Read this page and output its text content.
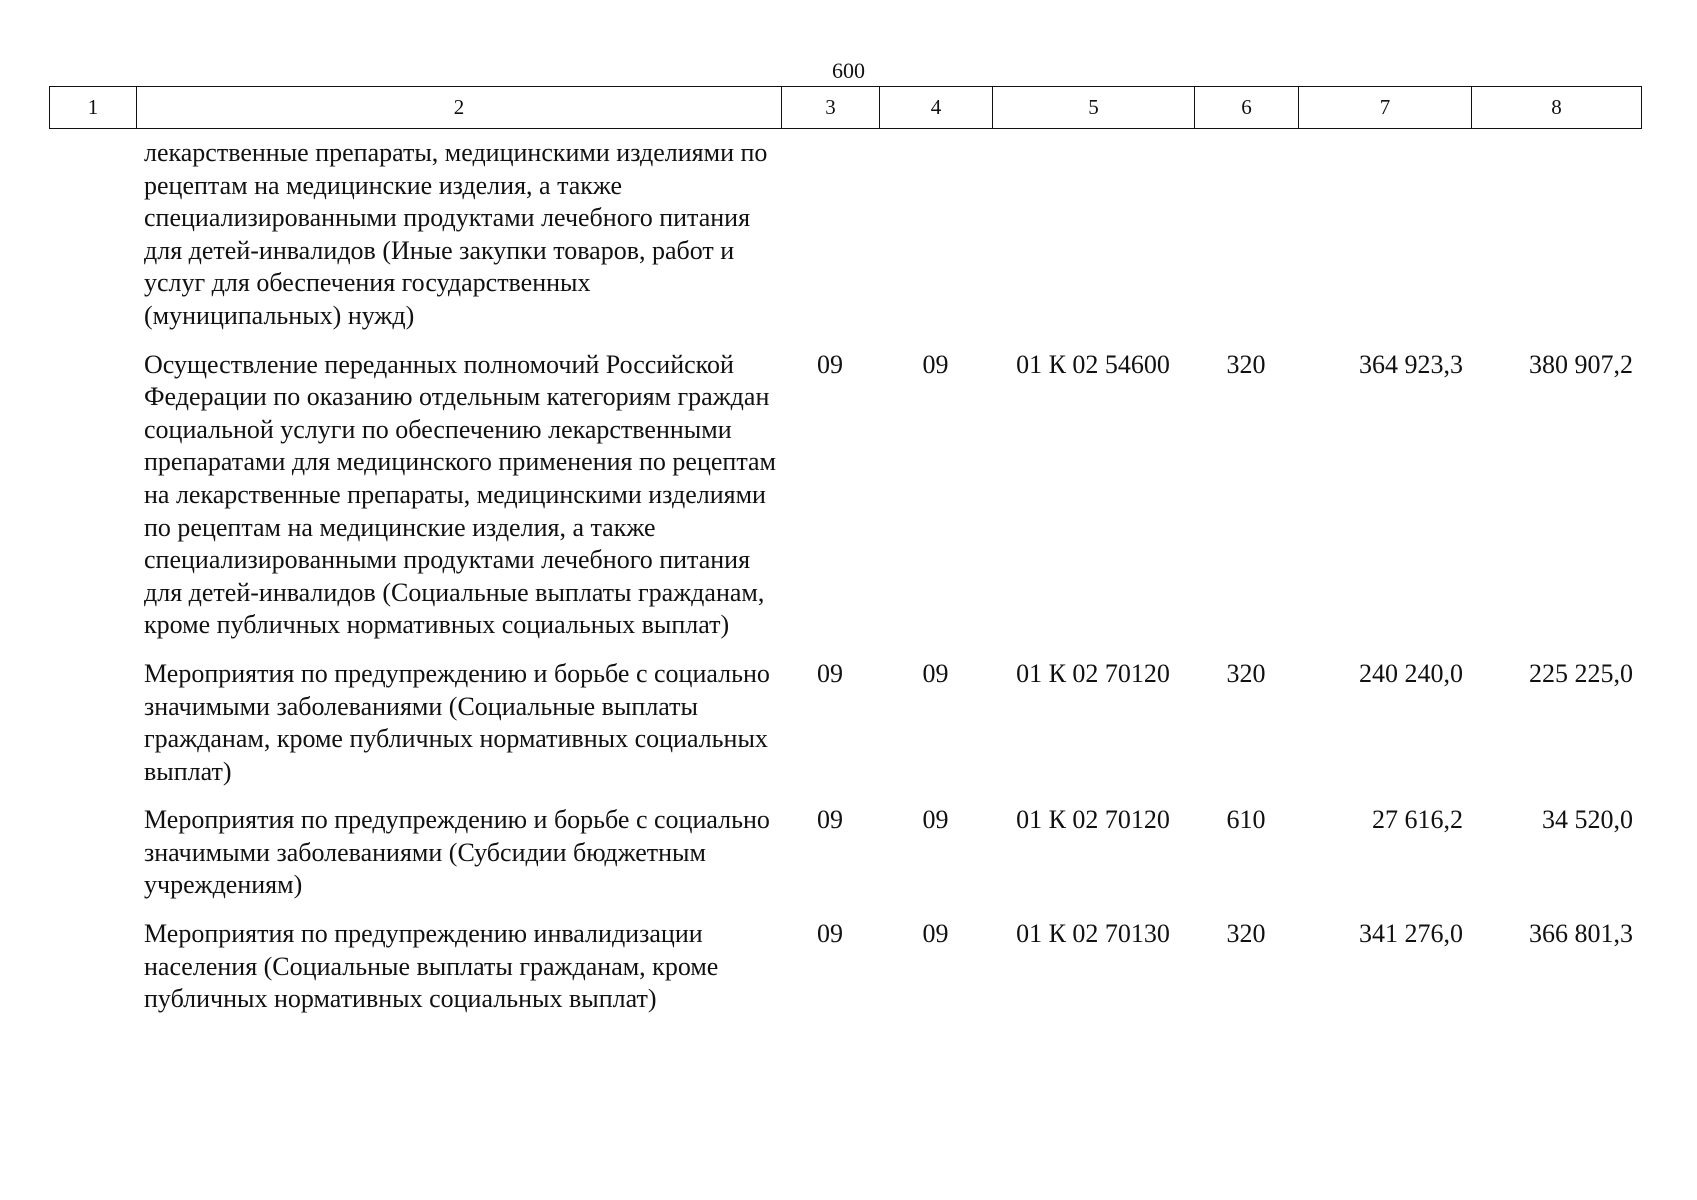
600
1	2	3	4	5	6	7	8
лекарственные препараты, медицинскими изделиями по рецептам на медицинские изделия, а также специализированными продуктами лечебного питания для детей-инвалидов (Иные закупки товаров, работ и услуг для обеспечения государственных (муниципальных) нужд)						
Осуществление переданных полномочий Российской Федерации по оказанию отдельным категориям граждан социальной услуги по обеспечению лекарственными препаратами для медицинского применения по рецептам на лекарственные препараты, медицинскими изделиями по рецептам на медицинские изделия, а также специализированными продуктами лечебного питания для детей-инвалидов (Социальные выплаты гражданам, кроме публичных нормативных социальных выплат)	09	09	01 К 02 54600	320	364 923,3	380 907,2
Мероприятия по предупреждению и борьбе с социально значимыми заболеваниями (Социальные выплаты гражданам, кроме публичных нормативных социальных выплат)	09	09	01 К 02 70120	320	240 240,0	225 225,0
Мероприятия по предупреждению и борьбе с социально значимыми заболеваниями (Субсидии бюджетным учреждениям)	09	09	01 К 02 70120	610	27 616,2	34 520,0
Мероприятия по предупреждению инвалидизации населения (Социальные выплаты гражданам, кроме публичных нормативных социальных выплат)	09	09	01 К 02 70130	320	341 276,0	366 801,3
